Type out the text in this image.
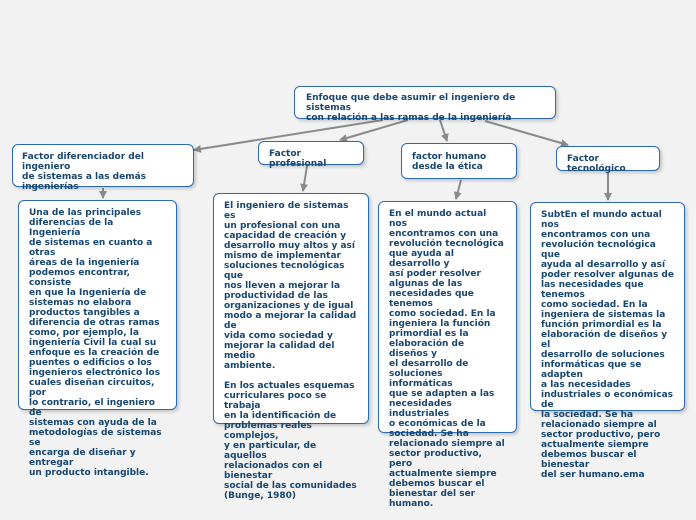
Enfoque que debe asumir el ingeniero de sistemas
con relación a las ramas de la ingeniería
Factor diferenciador del ingeniero
de sistemas a las demás
ingenierías
Factor profesional
factor humano
desde la ética
Factor tecnológico
Una de las principales
diferencias de la Ingeniería
de sistemas en cuanto a otras
áreas de la ingeniería
podemos encontrar, consiste
en que la Ingeniería de
sistemas no elabora
productos tangibles a
diferencia de otras ramas
como, por ejemplo, la
ingeniería Civil la cual su
enfoque es la creación de
puentes o edificios o los
ingenieros electrónico los
cuales diseñan circuitos, por
lo contrario, el ingeniero de
sistemas con ayuda de la
metodologías de sistemas se
encarga de diseñar y entregar
un producto intangible.
El ingeniero de sistemas es
un profesional con una
capacidad de creación y
desarrollo muy altos y así
mismo de implementar
soluciones tecnológicas que
nos lleven a mejorar la
productividad de las
organizaciones y de igual
modo a mejorar la calidad de
vida como sociedad y
mejorar la calidad del medio
ambiente.

En los actuales esquemas
curriculares poco se trabaja
en la identificación de
problemas reales complejos,
y en particular, de aquellos
relacionados con el bienestar
social de las comunidades
(Bunge, 1980)
En el mundo actual nos
encontramos con una
revolución tecnológica
que ayuda al desarrollo y
así poder resolver
algunas de las
necesidades que tenemos
como sociedad. En la
ingeniera la función
primordial es la
elaboración de diseños y
el desarrollo de
soluciones informáticas
que se adapten a las
necesidades industriales
o económicas de la
sociedad. Se ha
relacionado siempre al
sector productivo, pero
actualmente siempre
debemos buscar el
bienestar del ser humano.
SubtEn el mundo actual nos
encontramos con una
revolución tecnológica que
ayuda al desarrollo y así
poder resolver algunas de
las necesidades que tenemos
como sociedad. En la
ingeniera de sistemas la
función primordial es la
elaboración de diseños y el
desarrollo de soluciones
informáticas que se adapten
a las necesidades
industriales o económicas de
la sociedad. Se ha
relacionado siempre al
sector productivo, pero
actualmente siempre
debemos buscar el bienestar
del ser humano.ema
